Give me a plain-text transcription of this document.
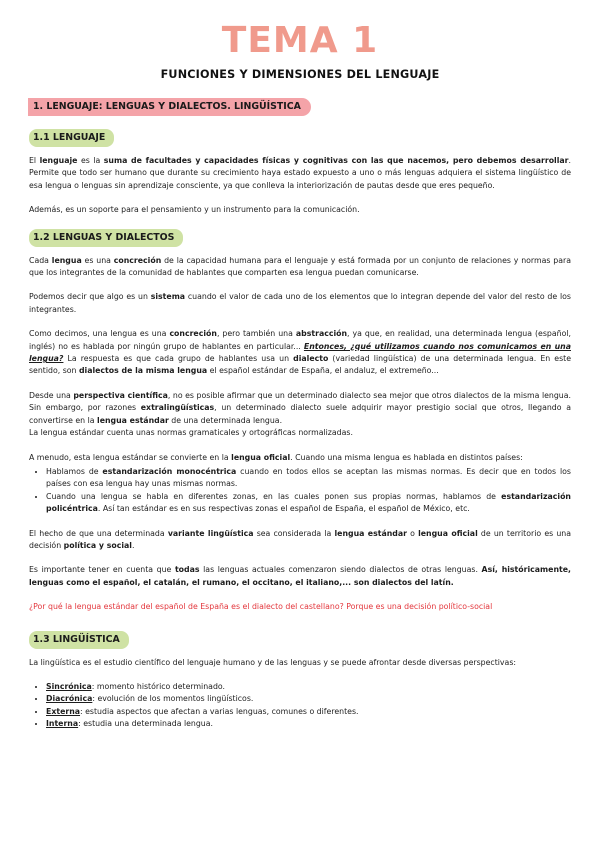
TEMA 1
FUNCIONES Y DIMENSIONES DEL LENGUAJE
1. LENGUAJE: LENGUAS Y DIALECTOS. LINGÜÍSTICA
1.1 LENGUAJE

El lenguaje es la suma de facultades y capacidades físicas y cognitivas con las que nacemos, pero debemos desarrollar. Permite que todo ser humano que durante su crecimiento haya estado expuesto a uno o más lenguas adquiera el sistema lingüístico de esa lengua o lenguas sin aprendizaje consciente, ya que conlleva la interiorización de pautas desde que eres pequeño.

Además, es un soporte para el pensamiento y un instrumento para la comunicación.

1.2 LENGUAS Y DIALECTOS

Cada lengua es una concreción de la capacidad humana para el lenguaje y está formada por un conjunto de relaciones y normas para que los integrantes de la comunidad de hablantes que comparten esa lengua puedan comunicarse.

Podemos decir que algo es un sistema cuando el valor de cada uno de los elementos que lo integran depende del valor del resto de los integrantes.

Como decimos, una lengua es una concreción, pero también una abstracción, ya que, en realidad, una determinada lengua (español, inglés) no es hablada por ningún grupo de hablantes en particular... Entonces, ¿qué utilizamos cuando nos comunicamos en una lengua? La respuesta es que cada grupo de hablantes usa un dialecto (variedad lingüística) de una determinada lengua. En este sentido, son dialectos de la misma lengua el español estándar de España, el andaluz, el extremeño...

Desde una perspectiva científica, no es posible afirmar que un determinado dialecto sea mejor que otros dialectos de la misma lengua. Sin embargo, por razones extralingüísticas, un determinado dialecto suele adquirir mayor prestigio social que otros, llegando a convertirse en la lengua estándar de una determinada lengua.

La lengua estándar cuenta unas normas gramaticales y ortográficas normalizadas.

A menudo, esta lengua estándar se convierte en la lengua oficial. Cuando una misma lengua es hablada en distintos países:

• Hablamos de estandarización monocéntrica cuando en todos ellos se aceptan las mismas normas. Es decir que en todos los países con esa lengua hay unas mismas normas.
• Cuando una lengua se habla en diferentes zonas, en las cuales ponen sus propias normas, hablamos de estandarización policéntrica. Así tan estándar es en sus respectivas zonas el español de España, el español de México, etc.

El hecho de que una determinada variante lingüística sea considerada la lengua estándar o lengua oficial de un territorio es una decisión política y social.

Es importante tener en cuenta que todas las lenguas actuales comenzaron siendo dialectos de otras lenguas. Así, históricamente, lenguas como el español, el catalán, el rumano, el occitano, el italiano,... son dialectos del latín.

¿Por qué la lengua estándar del español de España es el dialecto del castellano? Porque es una decisión político-social

1.3 LINGÜÍSTICA

La lingüística es el estudio científico del lenguaje humano y de las lenguas y se puede afrontar desde diversas perspectivas:

• Sincrónica: momento histórico determinado.
• Diacrónica: evolución de los momentos lingüísticos.
• Externa: estudia aspectos que afectan a varias lenguas, comunes o diferentes.
• Interna: estudia una determinada lengua.
